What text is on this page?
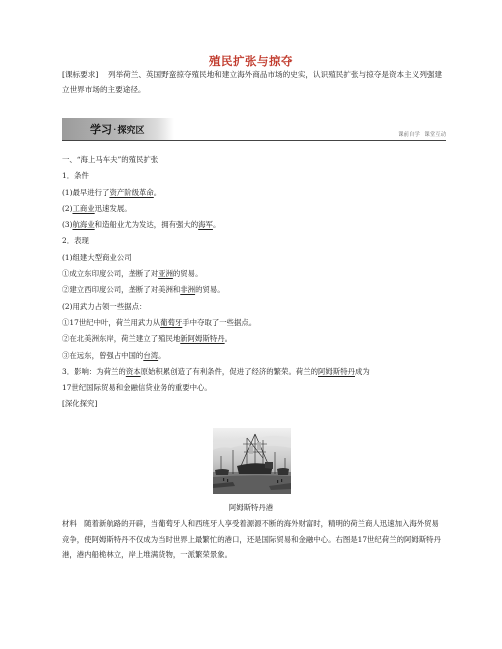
殖民扩张与掠夺
[课标要求] 列举荷兰、英国野蛮掠夺殖民地和建立海外商品市场的史实，认识殖民扩张与掠夺是资本主义列强建立世界市场的主要途径。
学习·探究区	课前自学 课堂互动
一、“海上马车夫”的殖民扩张
1．条件
(1)最早进行了资产阶级革命。
(2)工商业迅速发展。
(3)航海业和造船业尤为发达，拥有强大的海军。
2．表现
(1)组建大型商业公司
①成立东印度公司，垄断了对亚洲的贸易。
②建立西印度公司，垄断了对美洲和非洲的贸易。
(2)用武力占领一些据点：
①17世纪中叶，荷兰用武力从葡萄牙手中夺取了一些据点。
②在北美洲东岸，荷兰建立了殖民地新阿姆斯特丹。
③在远东，曾强占中国的台湾。
3．影响：为荷兰的资本原始积累创造了有利条件，促进了经济的繁荣。荷兰的阿姆斯特丹成为
17世纪国际贸易和金融信贷业务的重要中心。
[深化探究]
阿姆斯特丹港
材料　随着新航路的开辟，当葡萄牙人和西班牙人享受着源源不断的海外财富时，精明的荷兰商人迅速加入海外贸易竞争，使阿姆斯特丹不仅成为当时世界上最繁忙的港口，还是国际贸易和金融中心。右图是17世纪荷兰的阿姆斯特丹港，港内船桅林立，岸上堆满货物，一派繁荣景象。
